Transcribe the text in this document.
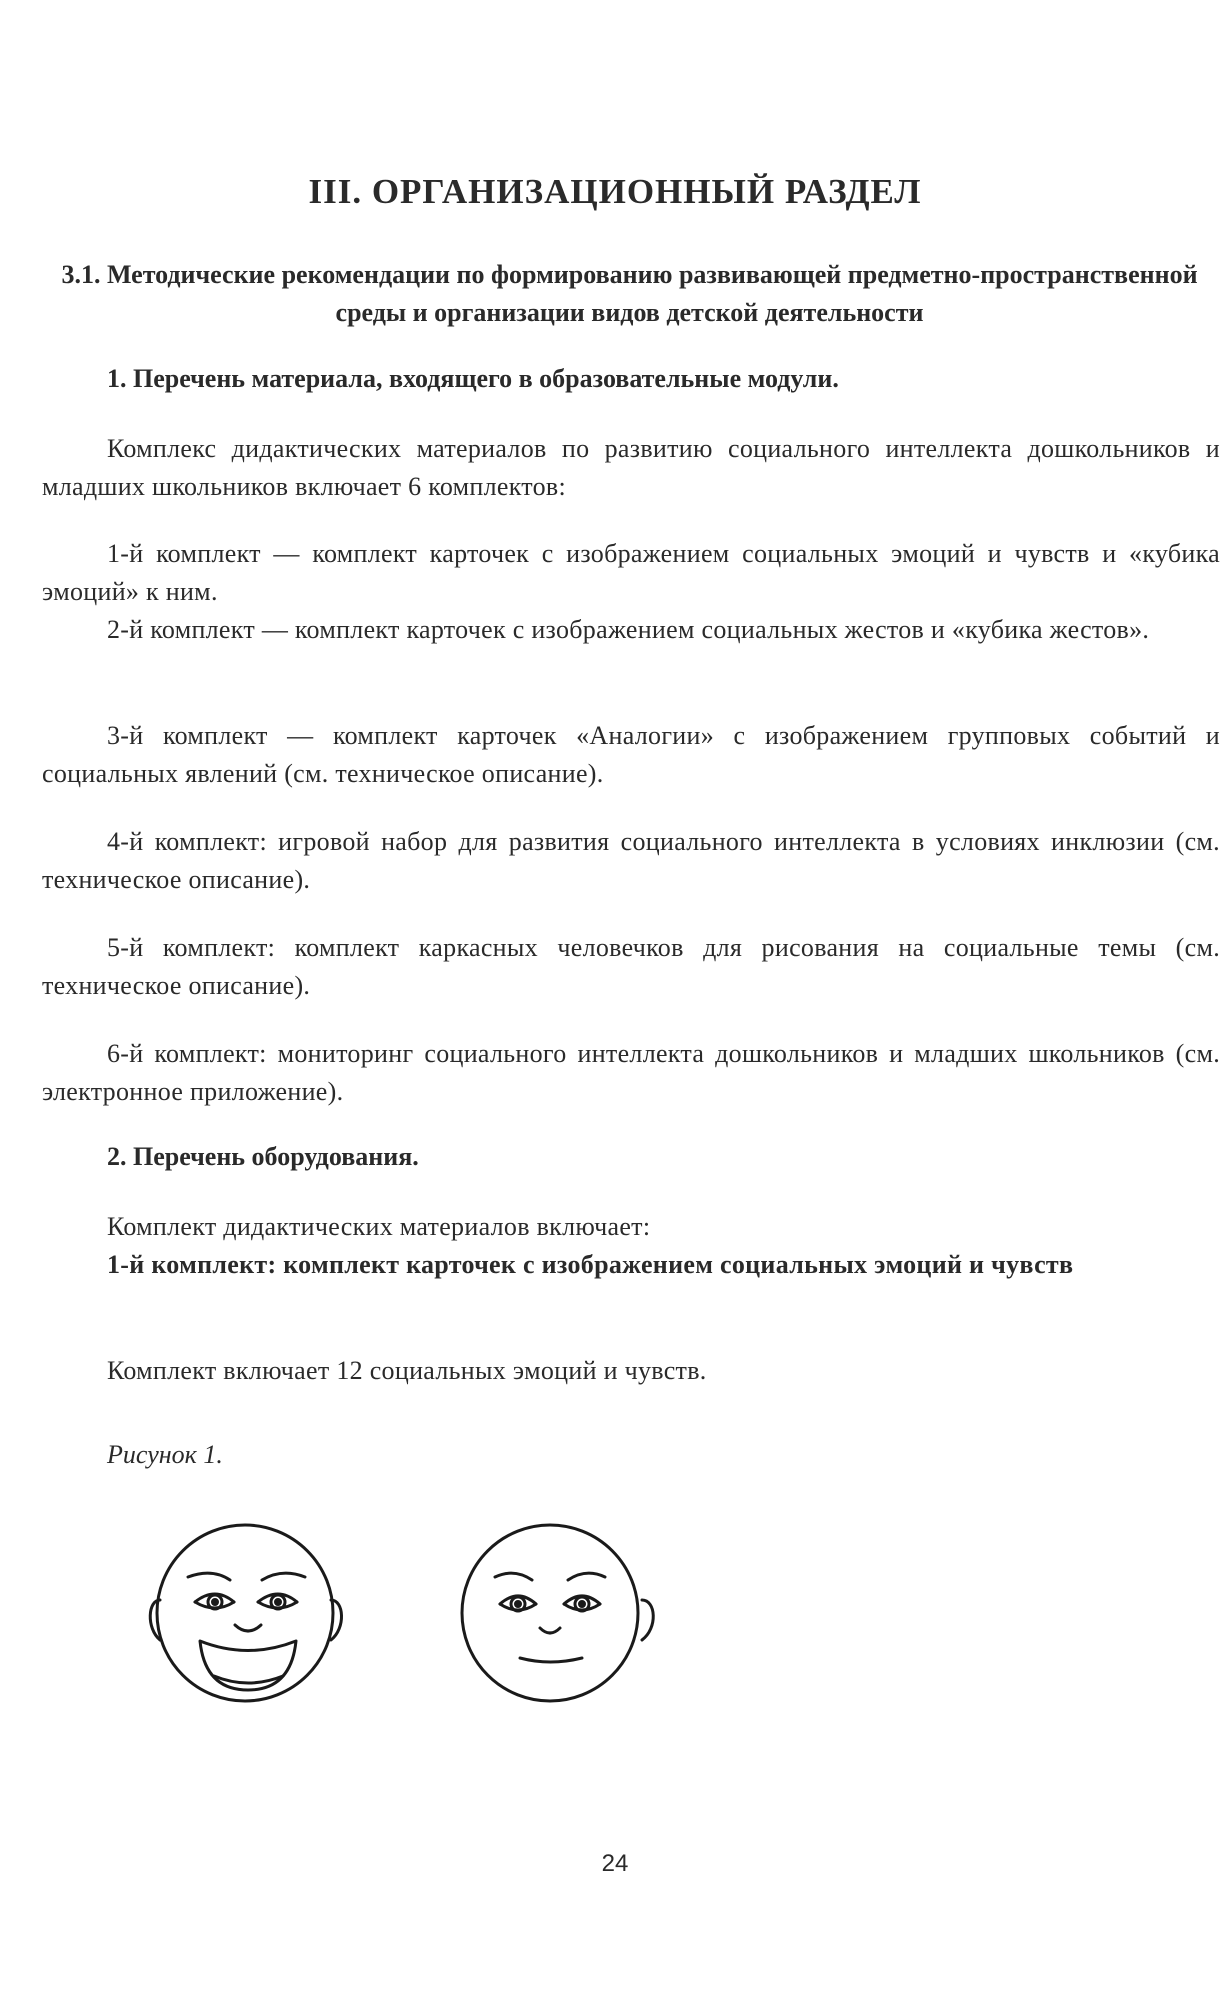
III. ОРГАНИЗАЦИОННЫЙ РАЗДЕЛ

3.1. Методические рекомендации по формированию развивающей предметно-пространственной среды и организации видов детской деятельности

1. Перечень материала, входящего в образовательные модули.

Комплекс дидактических материалов по развитию социального интеллекта дошкольников и младших школьников включает 6 комплектов:

1-й комплект — комплект карточек с изображением социальных эмоций и чувств и «кубика эмоций» к ним.

2-й комплект — комплект карточек с изображением социальных жестов и «кубика жестов».

3-й комплект — комплект карточек «Аналогии» с изображением групповых событий и социальных явлений (см. техническое описание).

4-й комплект: игровой набор для развития социального интеллекта в условиях инклюзии (см. техническое описание).

5-й комплект: комплект каркасных человечков для рисования на социальные темы (см. техническое описание).

6-й комплект: мониторинг социального интеллекта дошкольников и младших школьников (см. электронное приложение).

2. Перечень оборудования.

Комплект дидактических материалов включает:

1-й комплект: комплект карточек с изображением социальных эмоций и чувств

Комплект включает 12 социальных эмоций и чувств.

Рисунок 1.

24
